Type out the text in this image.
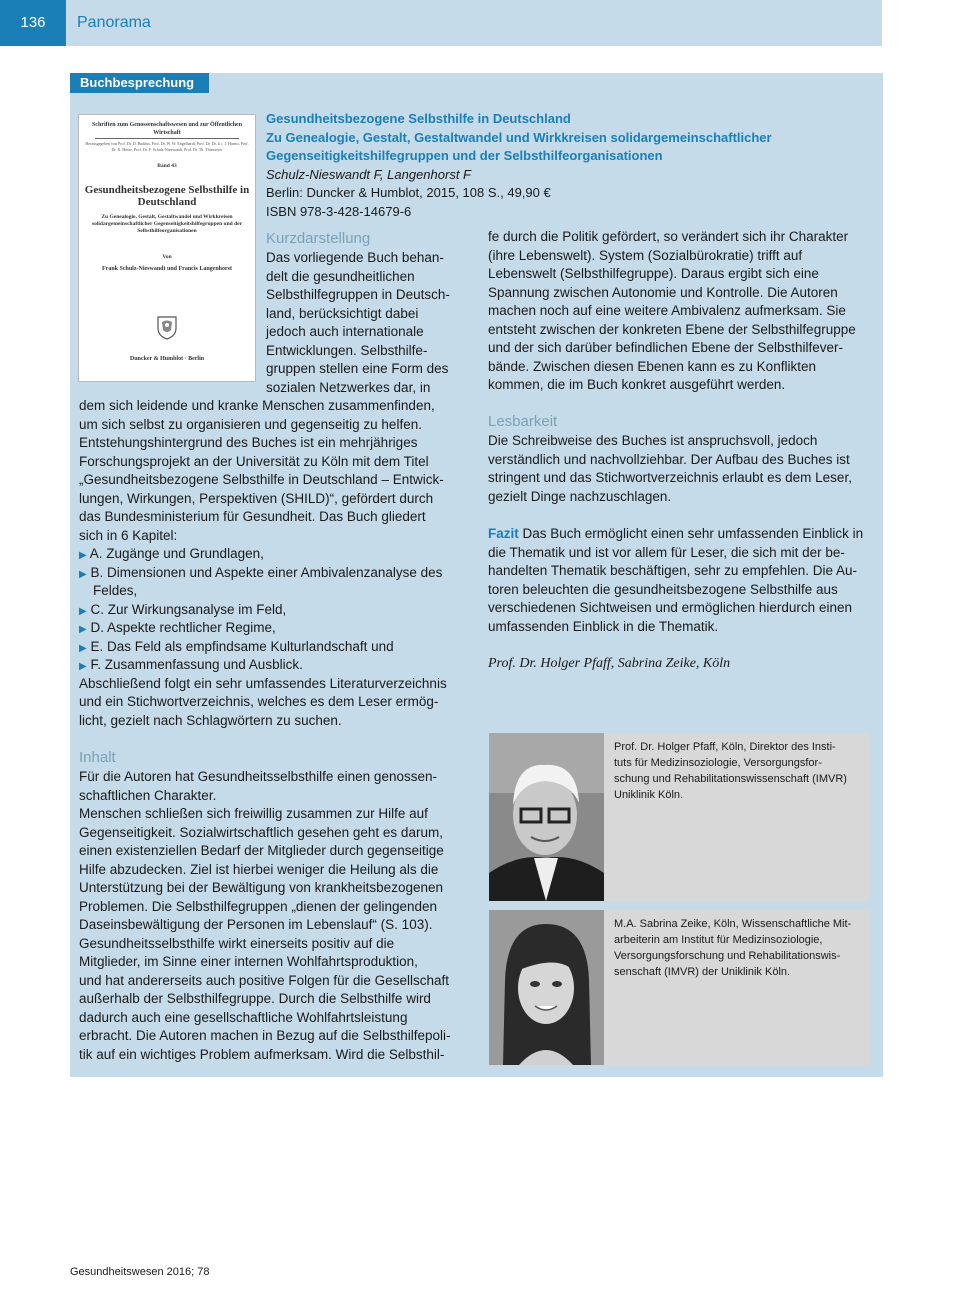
136	Panorama
Buchbesprechung
Schriften zum Genossenschaftswesen und zur Öffentlichen Wirtschaft
Herausgegeben von Prof. Dr. D. Budäus, Prof. Dr. W. W. Engelhardt, Prof. Dr. Dr. h.c. J. Harms, Prof. Dr. K. Hesse, Prof. Dr. F. Schulz-Nieswandt, Prof. Dr. Th. Thiemeyer
Band 43
Gesundheitsbezogene Selbsthilfe in Deutschland
Zu Genealogie, Gestalt, Gestaltwandel und Wirkkreisen solidargemeinschaftlicher Gegenseitigkeitshilfegruppen und der Selbsthilfeorganisationen
Von
Frank Schulz-Nieswandt und Francis Langenhorst
Duncker & Humblot · Berlin
Gesundheitsbezogene Selbsthilfe in Deutschland
Zu Genealogie, Gestalt, Gestaltwandel und Wirkkreisen solidargemeinschaftlicher
Gegenseitigkeitshilfegruppen und der Selbsthilfeorganisationen
Schulz-Nieswandt F, Langenhorst F
Berlin: Duncker & Humblot, 2015, 108 S., 49,90 €
ISBN 978-3-428-14679-6
Kurzdarstellung
Das vorliegende Buch behan-
delt die gesundheitlichen
Selbsthilfegruppen in Deutsch-
land, berücksichtigt dabei
jedoch auch internationale
Entwicklungen. Selbsthilfe-
gruppen stellen eine Form des
sozialen Netzwerkes dar, in
dem sich leidende und kranke Menschen zusammenfinden,
um sich selbst zu organisieren und gegenseitig zu helfen.
Entstehungshintergrund des Buches ist ein mehrjähriges
Forschungsprojekt an der Universität zu Köln mit dem Titel
„Gesundheitsbezogene Selbsthilfe in Deutschland – Entwick-
lungen, Wirkungen, Perspektiven (SHILD)“, gefördert durch
das Bundesministerium für Gesundheit. Das Buch gliedert
sich in 6 Kapitel:
▶ A. Zugänge und Grundlagen,
▶ B. Dimensionen und Aspekte einer Ambivalenzanalyse des
Feldes,
▶ C. Zur Wirkungsanalyse im Feld,
▶ D. Aspekte rechtlicher Regime,
▶ E. Das Feld als empfindsame Kulturlandschaft und
▶ F. Zusammenfassung und Ausblick.
Abschließend folgt ein sehr umfassendes Literaturverzeichnis
und ein Stichwortverzeichnis, welches es dem Leser ermög-
licht, gezielt nach Schlagwörtern zu suchen.
Inhalt
Für die Autoren hat Gesundheitsselbsthilfe einen genossen-
schaftlichen Charakter.
Menschen schließen sich freiwillig zusammen zur Hilfe auf
Gegenseitigkeit. Sozialwirtschaftlich gesehen geht es darum,
einen existenziellen Bedarf der Mitglieder durch gegenseitige
Hilfe abzudecken. Ziel ist hierbei weniger die Heilung als die
Unterstützung bei der Bewältigung von krankheitsbezogenen
Problemen. Die Selbsthilfegruppen „dienen der gelingenden
Daseinsbewältigung der Personen im Lebenslauf“ (S. 103).
Gesundheitsselbsthilfe wirkt einerseits positiv auf die
Mitglieder, im Sinne einer internen Wohlfahrtsproduktion,
und hat andererseits auch positive Folgen für die Gesellschaft
außerhalb der Selbsthilfegruppe. Durch die Selbsthilfe wird
dadurch auch eine gesellschaftliche Wohlfahrtsleistung
erbracht. Die Autoren machen in Bezug auf die Selbsthilfepoli-
tik auf ein wichtiges Problem aufmerksam. Wird die Selbsthil-
fe durch die Politik gefördert, so verändert sich ihr Charakter
(ihre Lebenswelt). System (Sozialbürokratie) trifft auf
Lebenswelt (Selbsthilfegruppe). Daraus ergibt sich eine
Spannung zwischen Autonomie und Kontrolle. Die Autoren
machen noch auf eine weitere Ambivalenz aufmerksam. Sie
entsteht zwischen der konkreten Ebene der Selbsthilfegruppe
und der sich darüber befindlichen Ebene der Selbsthilfever-
bände. Zwischen diesen Ebenen kann es zu Konflikten
kommen, die im Buch konkret ausgeführt werden.
Lesbarkeit
Die Schreibweise des Buches ist anspruchsvoll, jedoch
verständlich und nachvollziehbar. Der Aufbau des Buches ist
stringent und das Stichwortverzeichnis erlaubt es dem Leser,
gezielt Dinge nachzuschlagen.
Fazit Das Buch ermöglicht einen sehr umfassenden Einblick in
die Thematik und ist vor allem für Leser, die sich mit der be-
handelten Thematik beschäftigen, sehr zu empfehlen. Die Au-
toren beleuchten die gesundheitsbezogene Selbsthilfe aus
verschiedenen Sichtweisen und ermöglichen hierdurch einen
umfassenden Einblick in die Thematik.
Prof. Dr. Holger Pfaff, Sabrina Zeike, Köln
Prof. Dr. Holger Pfaff, Köln, Direktor des Insti-
tuts für Medizinsoziologie, Versorgungsfor-
schung und Rehabilitationswissenschaft (IMVR)
Uniklinik Köln.
M.A. Sabrina Zeike, Köln, Wissenschaftliche Mit-
arbeiterin am Institut für Medizinsoziologie,
Versorgungsforschung und Rehabilitationswis-
senschaft (IMVR) der Uniklinik Köln.
Gesundheitswesen 2016; 78
